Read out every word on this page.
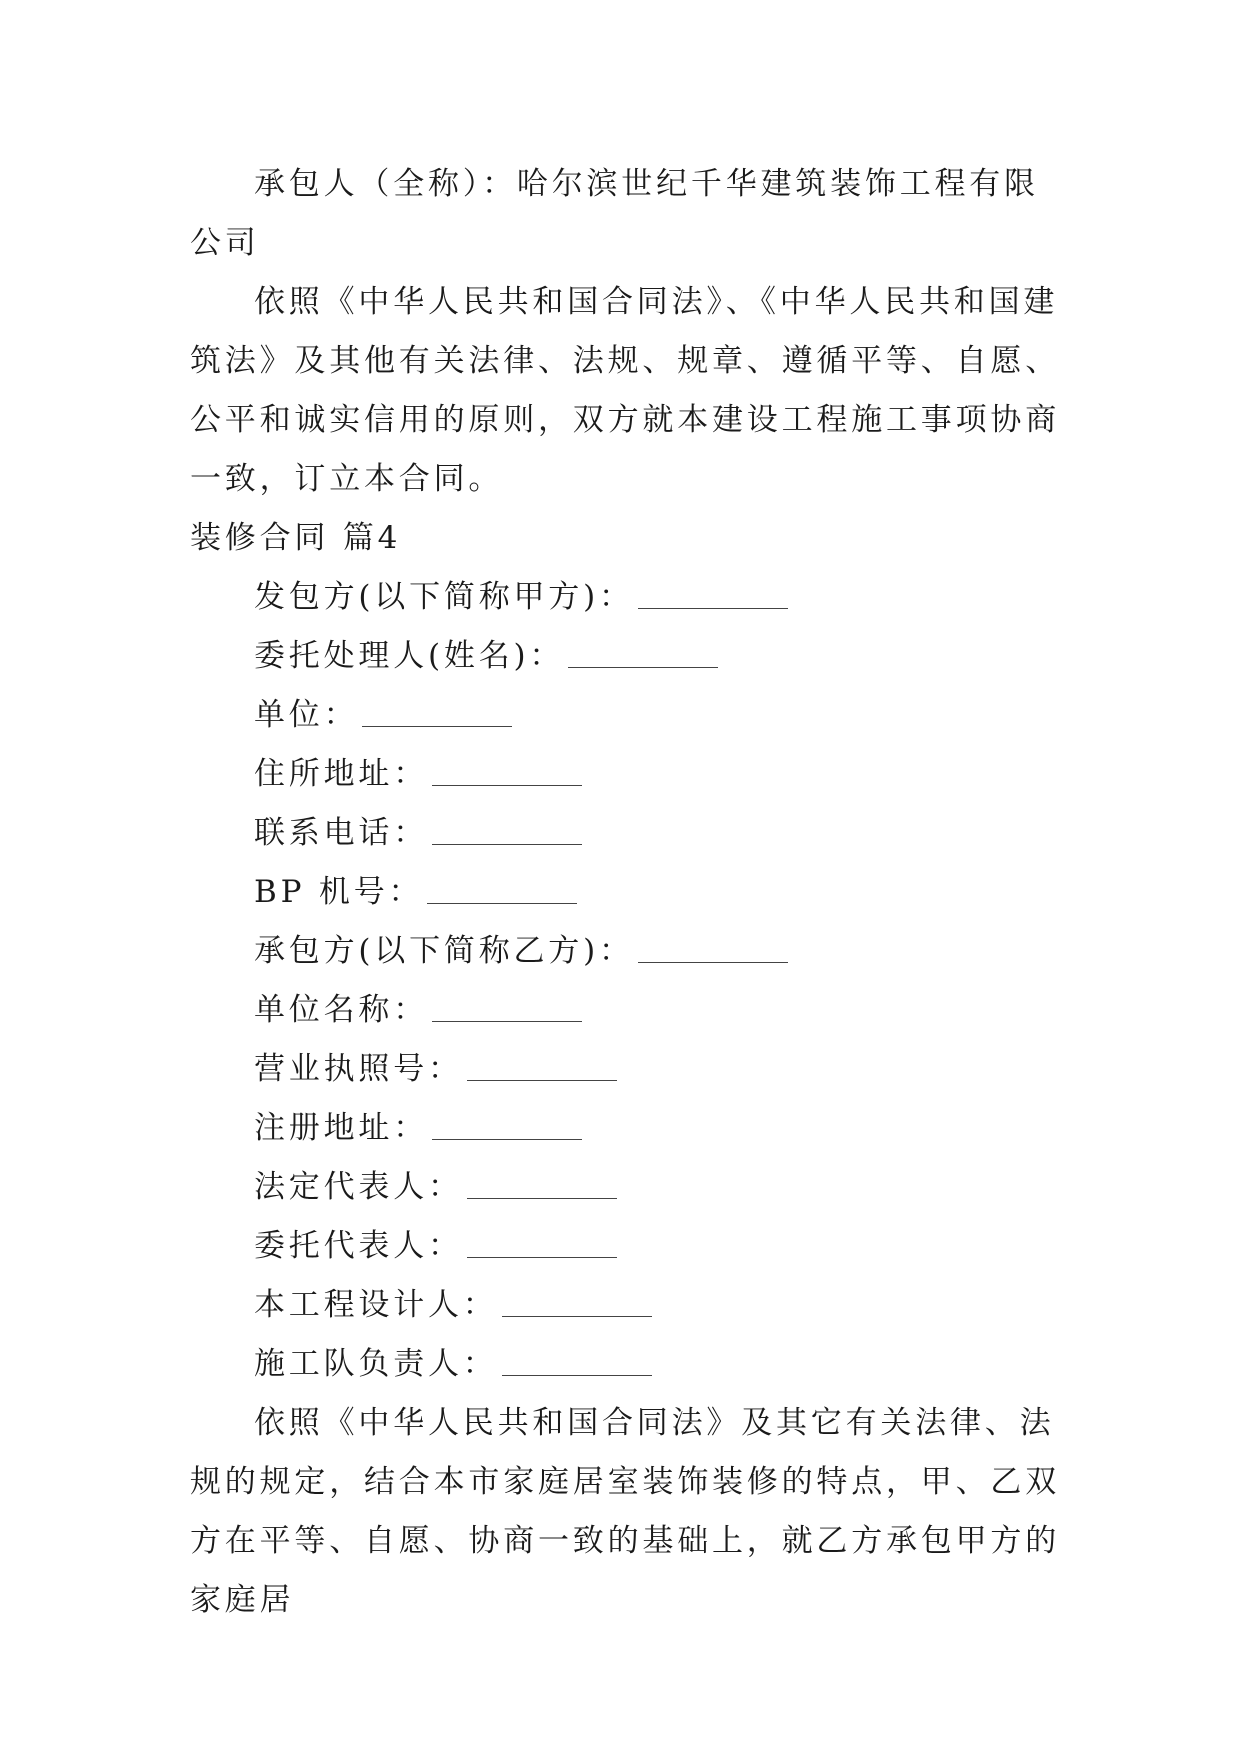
承包人（全称）：哈尔滨世纪千华建筑装饰工程有限公司

依照《中华人民共和国合同法》、《中华人民共和国建筑法》及其他有关法律、法规、规章、遵循平等、自愿、公平和诚实信用的原则，双方就本建设工程施工事项协商一致，订立本合同。

装修合同 篇4

发包方(以下简称甲方)：

委托处理人(姓名)：

单位：

住所地址：

联系电话：

BP 机号：

承包方(以下简称乙方)：

单位名称：

营业执照号：

注册地址：

法定代表人：

委托代表人：

本工程设计人：

施工队负责人：

依照《中华人民共和国合同法》及其它有关法律、法规的规定，结合本市家庭居室装饰装修的特点，甲、乙双方在平等、自愿、协商一致的基础上，就乙方承包甲方的家庭居
